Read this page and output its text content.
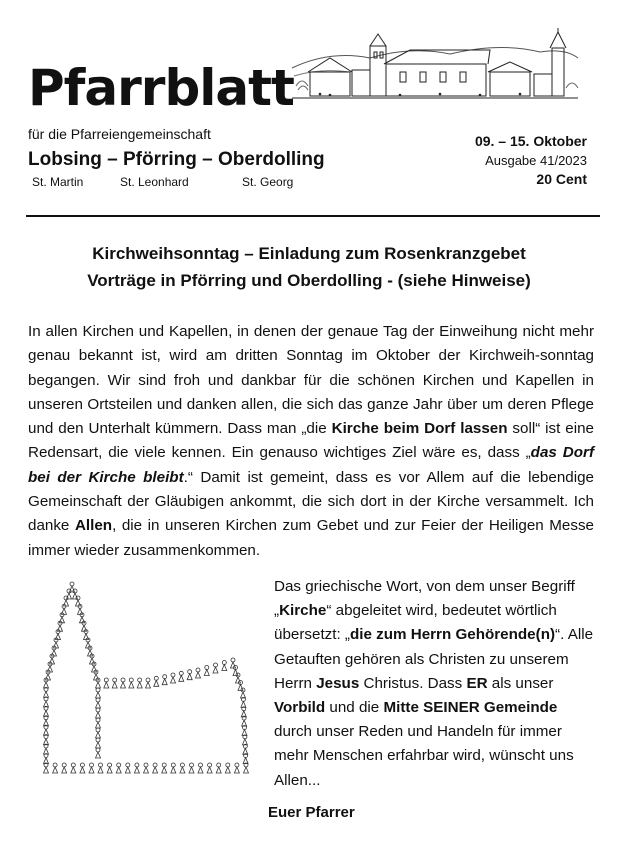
Pfarrblatt
für die Pfarreiengemeinschaft
Lobsing – Pförring – Oberdolling
St. Martin	St. Leonhard	St. Georg
09. – 15. Oktober
Ausgabe 41/2023
20 Cent
Kirchweihsonntag – Einladung zum Rosenkranzgebet
Vorträge in Pförring und Oberdolling - (siehe Hinweise)

In allen Kirchen und Kapellen, in denen der genaue Tag der Einweihung nicht mehr genau bekannt ist, wird am dritten Sonntag im Oktober der Kirchweih-sonntag begangen. Wir sind froh und dankbar für die schönen Kirchen und Kapellen in unseren Ortsteilen und danken allen, die sich das ganze Jahr über um deren Pflege und den Unterhalt kümmern. Dass man „die Kirche beim Dorf lassen soll“ ist eine Redensart, die viele kennen. Ein genauso wichtiges Ziel wäre es, dass „das Dorf bei der Kirche bleibt.“ Damit ist gemeint, dass es vor Allem auf die lebendige Gemeinschaft der Gläubigen ankommt, die sich dort in der Kirche versammelt. Ich danke Allen, die in unseren Kirchen zum Gebet und zur Feier der Heiligen Messe immer wieder zusammenkommen.

Das griechische Wort, von dem unser Begriff „Kirche“ abgeleitet wird, bedeutet wörtlich übersetzt: „die zum Herrn Gehörende(n)“. Alle Getauften gehören als Christen zu unserem Herrn Jesus Christus. Dass ER als unser Vorbild und die Mitte SEINER Gemeinde durch unser Reden und Handeln für immer mehr Menschen erfahrbar wird, wünscht uns Allen...

Euer Pfarrer
